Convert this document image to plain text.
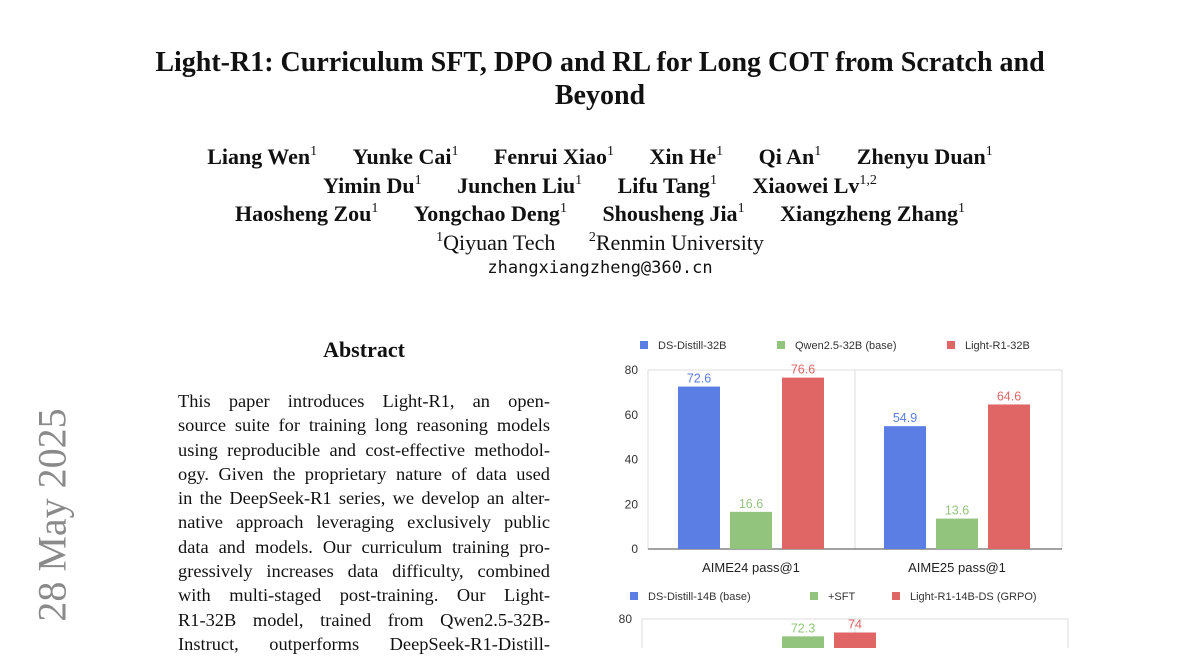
Light-R1: Curriculum SFT, DPO and RL for Long COT from Scratch and
Beyond
Liang Wen$^1$ Yunke Cai$^1$ Fenrui Xiao$^1$ Xin He$^1$ Qi An$^1$ Zhenyu Duan$^1$
Yimin Du$^1$ Junchen Liu$^1$ Lifu Tang$^1$ Xiaowei Lv$^{1,2}$
Haosheng Zou$^1$ Yongchao Deng$^1$ Shousheng Jia$^1$ Xiangzheng Zhang$^1$
$^1$Qiyuan Tech $^2$Renmin University
zhangxiangzheng@360.cn
28 May 2025
Abstract
This paper introduces Light-R1, an open-
source suite for training long reasoning models
using reproducible and cost-effective methodol-
ogy. Given the proprietary nature of data used
in the DeepSeek-R1 series, we develop an alter-
native approach leveraging exclusively public
data and models. Our curriculum training pro-
gressively increases data difficulty, combined
with multi-staged post-training. Our Light-
R1-32B model, trained from Qwen2.5-32B-
Instruct, outperforms DeepSeek-R1-Distill-
0
20
40
60
80
DS-Distill-32B	Qwen2.5-32B (base)	Light-R1-32B
72.6
16.6
76.6
AIME24 pass@1
54.9
13.6
64.6
AIME25 pass@1
80
DS-Distill-14B (base)	+SFT	Light-R1-14B-DS (GRPO)
72.3	74
